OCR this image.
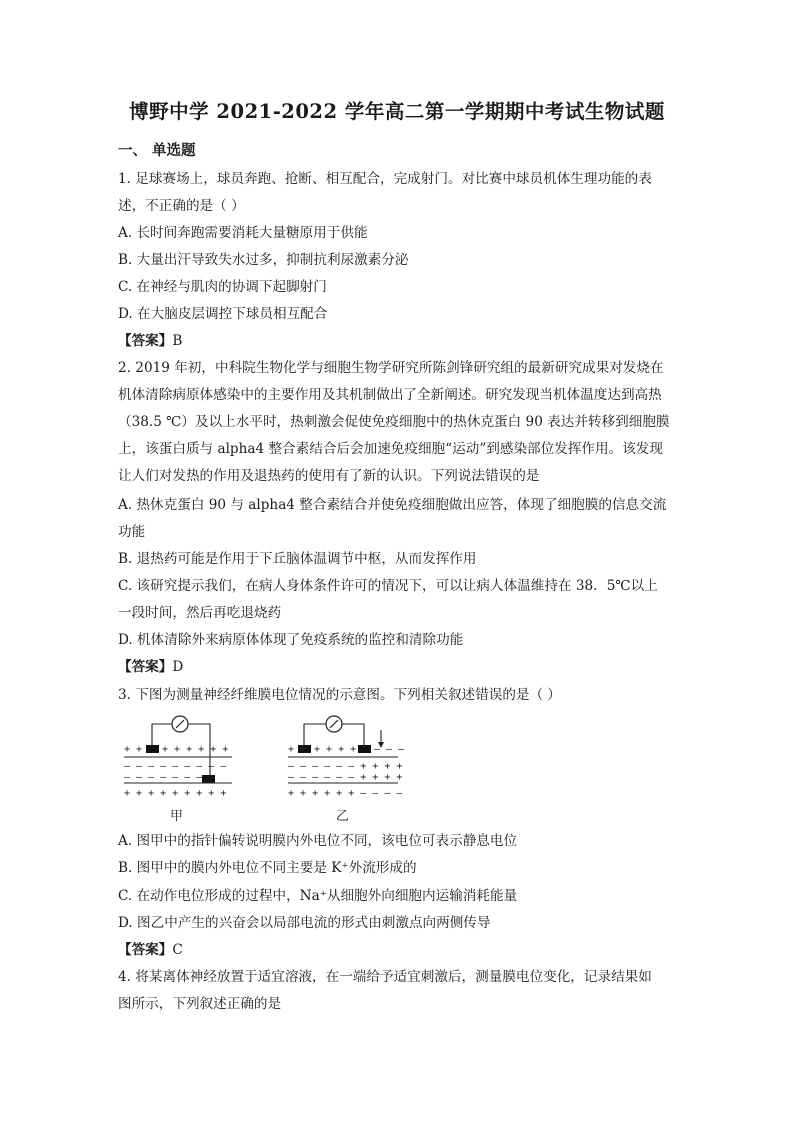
博野中学 2021-2022 学年高二第一学期期中考试生物试题
一、 单选题
1. 足球赛场上，球员奔跑、抢断、相互配合，完成射门。对比赛中球员机体生理功能的表
述，不正确的是（ ）
A. 长时间奔跑需要消耗大量糖原用于供能
B. 大量出汗导致失水过多，抑制抗利尿激素分泌
C. 在神经与肌肉的协调下起脚射门
D. 在大脑皮层调控下球员相互配合
【答案】B
2. 2019 年初，中科院生物化学与细胞生物学研究所陈剑锋研究组的最新研究成果对发烧在
机体清除病原体感染中的主要作用及其机制做出了全新阐述。研究发现当机体温度达到高热
（38.5 ℃）及以上水平时，热刺激会促使免疫细胞中的热休克蛋白 90 表达并转移到细胞膜
上，该蛋白质与 alpha4 整合素结合后会加速免疫细胞“运动”到感染部位发挥作用。该发现
让人们对发热的作用及退热药的使用有了新的认识。下列说法错误的是
A. 热休克蛋白 90 与 alpha4 整合素结合并使免疫细胞做出应答，体现了细胞膜的信息交流
功能
B. 退热药可能是作用于下丘脑体温调节中枢，从而发挥作用
C. 该研究提示我们，在病人身体条件许可的情况下，可以让病人体温维持在 38．5℃以上
一段时间，然后再吃退烧药
D. 机体清除外来病原体体现了免疫系统的监控和清除功能
【答案】D
3. 下图为测量神经纤维膜电位情况的示意图。下列相关叙述错误的是（ ）
+ + + + + + + +
– – – – – – – – –
– – – – – – – –
+ + + + + + + + +
+ + + + + + – – –
– – – – – – + + + +
– – – – – – + + + +
+ + + + + + – – – –
甲	乙
A. 图甲中的指针偏转说明膜内外电位不同，该电位可表示静息电位
B. 图甲中的膜内外电位不同主要是 K⁺外流形成的
C. 在动作电位形成的过程中，Na⁺从细胞外向细胞内运输消耗能量
D. 图乙中产生的兴奋会以局部电流的形式由刺激点向两侧传导
【答案】C
4. 将某离体神经放置于适宜溶液，在一端给予适宜刺激后，测量膜电位变化，记录结果如
图所示，下列叙述正确的是
